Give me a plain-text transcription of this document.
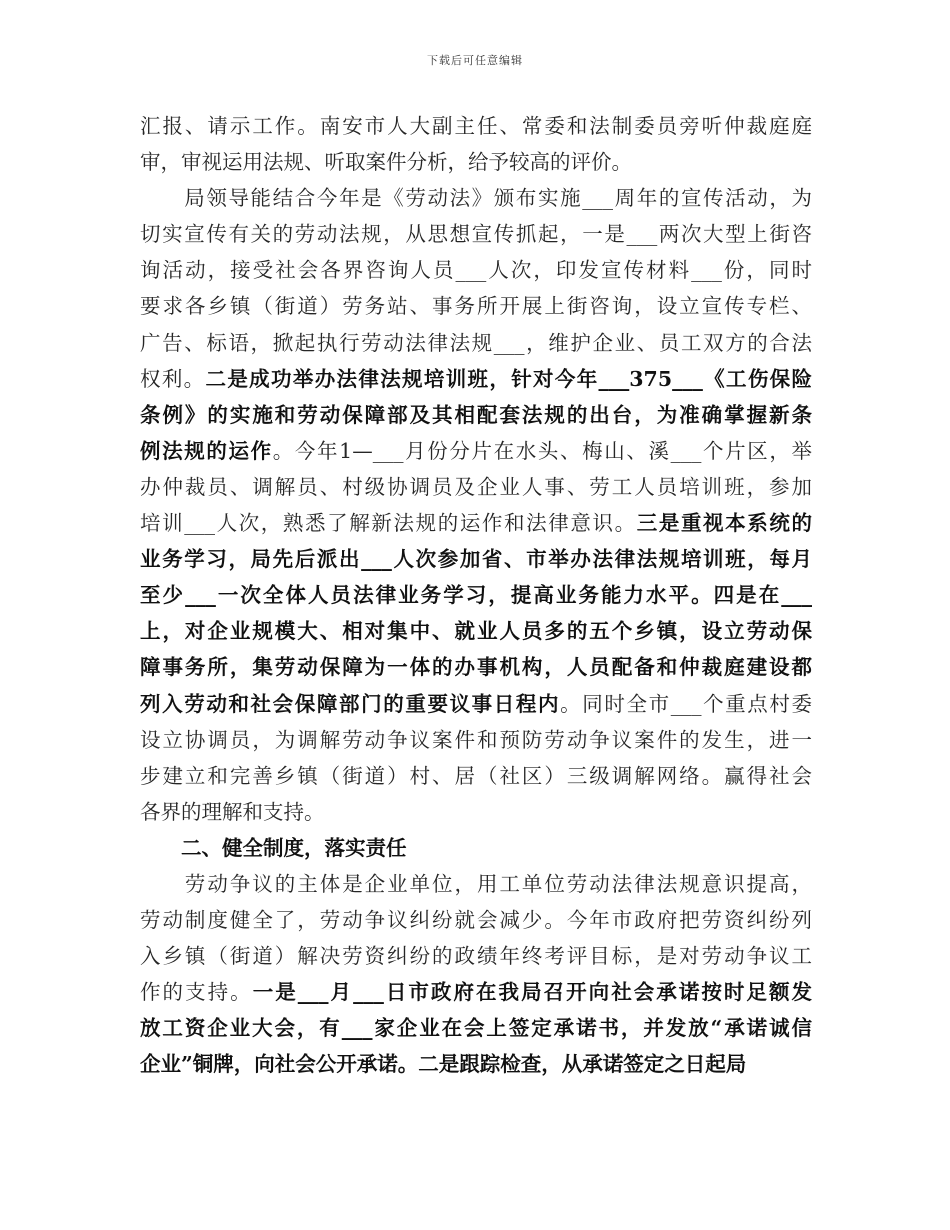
下载后可任意编辑

汇报、请示工作。南安市人大副主任、常委和法制委员旁听仲裁庭庭
审，审视运用法规、听取案件分析，给予较高的评价。

　　局领导能结合今年是《劳动法》颁布实施___周年的宣传活动，为
切实宣传有关的劳动法规，从思想宣传抓起，一是___两次大型上街咨
询活动，接受社会各界咨询人员___人次，印发宣传材料___份，同时
要求各乡镇（街道）劳务站、事务所开展上街咨询，设立宣传专栏、
广告、标语，掀起执行劳动法律法规___，维护企业、员工双方的合法
权利。二是成功举办法律法规培训班，针对今年___375___《工伤保险
条例》的实施和劳动保障部及其相配套法规的出台，为准确掌握新条
例法规的运作。今年1—___月份分片在水头、梅山、溪___个片区，举
办仲裁员、调解员、村级协调员及企业人事、劳工人员培训班，参加
培训___人次，熟悉了解新法规的运作和法律意识。三是重视本系统的
业务学习，局先后派出___人次参加省、市举办法律法规培训班，每月
至少___一次全体人员法律业务学习，提高业务能力水平。四是在___
上，对企业规模大、相对集中、就业人员多的五个乡镇，设立劳动保
障事务所，集劳动保障为一体的办事机构，人员配备和仲裁庭建设都
列入劳动和社会保障部门的重要议事日程内。同时全市___个重点村委
设立协调员，为调解劳动争议案件和预防劳动争议案件的发生，进一
步建立和完善乡镇（街道）村、居（社区）三级调解网络。赢得社会
各界的理解和支持。

　　二、健全制度，落实责任

　　劳动争议的主体是企业单位，用工单位劳动法律法规意识提高，
劳动制度健全了，劳动争议纠纷就会减少。今年市政府把劳资纠纷列
入乡镇（街道）解决劳资纠纷的政绩年终考评目标，是对劳动争议工
作的支持。一是___月___日市政府在我局召开向社会承诺按时足额发
放工资企业大会，有___家企业在会上签定承诺书，并发放“承诺诚信
企业”铜牌，向社会公开承诺。二是跟踪检查，从承诺签定之日起局
